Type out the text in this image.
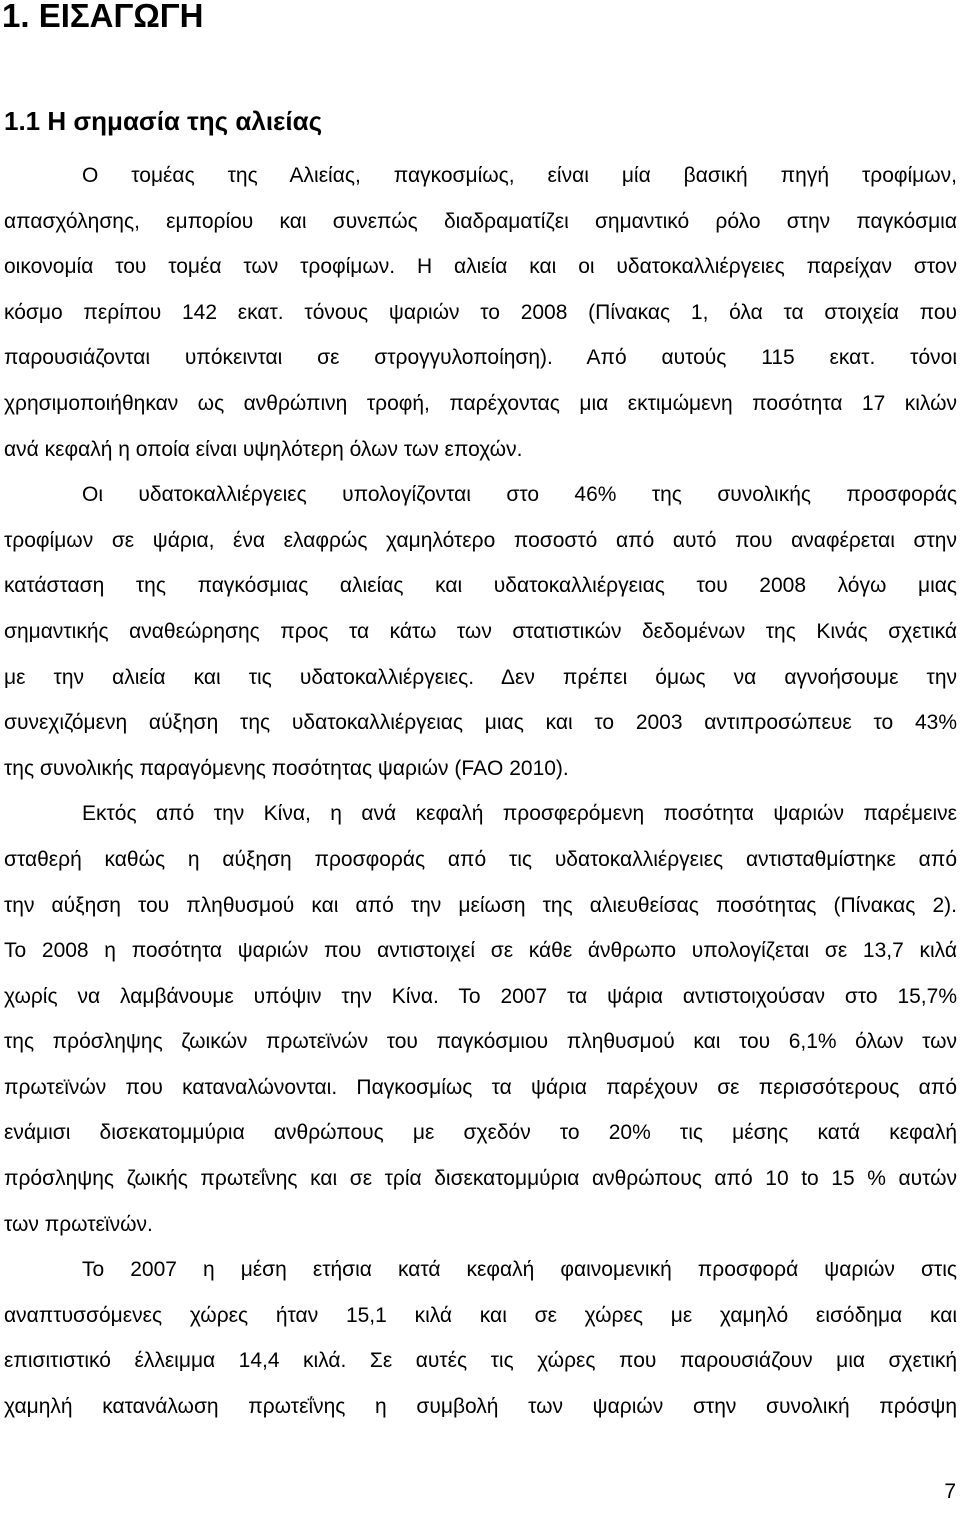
1. ΕΙΣΑΓΩΓΗ
1.1 Η σημασία της αλιείας
Ο τομέας της Αλιείας, παγκοσμίως, είναι μία βασική πηγή τροφίμων,
απασχόλησης, εμπορίου και συνεπώς διαδραματίζει σημαντικό ρόλο στην παγκόσμια
οικονομία του τομέα των τροφίμων. Η αλιεία και οι υδατοκαλλιέργειες παρείχαν στον
κόσμο περίπου 142 εκατ. τόνους ψαριών το 2008 (Πίνακας 1, όλα τα στοιχεία που
παρουσιάζονται υπόκεινται σε στρογγυλοποίηση). Από αυτούς 115 εκατ. τόνοι
χρησιμοποιήθηκαν ως ανθρώπινη τροφή, παρέχοντας μια εκτιμώμενη ποσότητα 17 κιλών
ανά κεφαλή η οποία είναι υψηλότερη όλων των εποχών.
Οι υδατοκαλλιέργειες υπολογίζονται στο 46% της συνολικής προσφοράς
τροφίμων σε ψάρια, ένα ελαφρώς χαμηλότερο ποσοστό από αυτό που αναφέρεται στην
κατάσταση της παγκόσμιας αλιείας και υδατοκαλλιέργειας του 2008 λόγω μιας
σημαντικής αναθεώρησης προς τα κάτω των στατιστικών δεδομένων της Κινάς σχετικά
με την αλιεία και τις υδατοκαλλιέργειες. Δεν πρέπει όμως να αγνοήσουμε την
συνεχιζόμενη αύξηση της υδατοκαλλιέργειας μιας και το 2003 αντιπροσώπευε το 43%
της συνολικής παραγόμενης ποσότητας ψαριών (FAO 2010).
Εκτός από την Κίνα, η ανά κεφαλή προσφερόμενη ποσότητα ψαριών παρέμεινε
σταθερή καθώς η αύξηση προσφοράς από τις υδατοκαλλιέργειες αντισταθμίστηκε από
την αύξηση του πληθυσμού και από την μείωση της αλιευθείσας ποσότητας (Πίνακας 2).
Το 2008 η ποσότητα ψαριών που αντιστοιχεί σε κάθε άνθρωπο υπολογίζεται σε 13,7 κιλά
χωρίς να λαμβάνουμε υπόψιν την Κίνα. Το 2007 τα ψάρια αντιστοιχούσαν στο 15,7%
της πρόσληψης ζωικών πρωτεϊνών του παγκόσμιου πληθυσμού και του 6,1% όλων των
πρωτεϊνών που καταναλώνονται. Παγκοσμίως τα ψάρια παρέχουν σε περισσότερους από
ενάμισι δισεκατομμύρια ανθρώπους με σχεδόν το 20% τις μέσης κατά κεφαλή
πρόσληψης ζωικής πρωτεΐνης και σε τρία δισεκατομμύρια ανθρώπους από 10 to 15 % αυτών
των πρωτεϊνών.
Το 2007 η μέση ετήσια κατά κεφαλή φαινομενική προσφορά ψαριών στις
αναπτυσσόμενες χώρες ήταν 15,1 κιλά και σε χώρες με χαμηλό εισόδημα και
επισιτιστικό έλλειμμα 14,4 κιλά. Σε αυτές τις χώρες που παρουσιάζουν μια σχετική
χαμηλή κατανάλωση πρωτεΐνης η συμβολή των ψαριών στην συνολική πρόσψη
7
